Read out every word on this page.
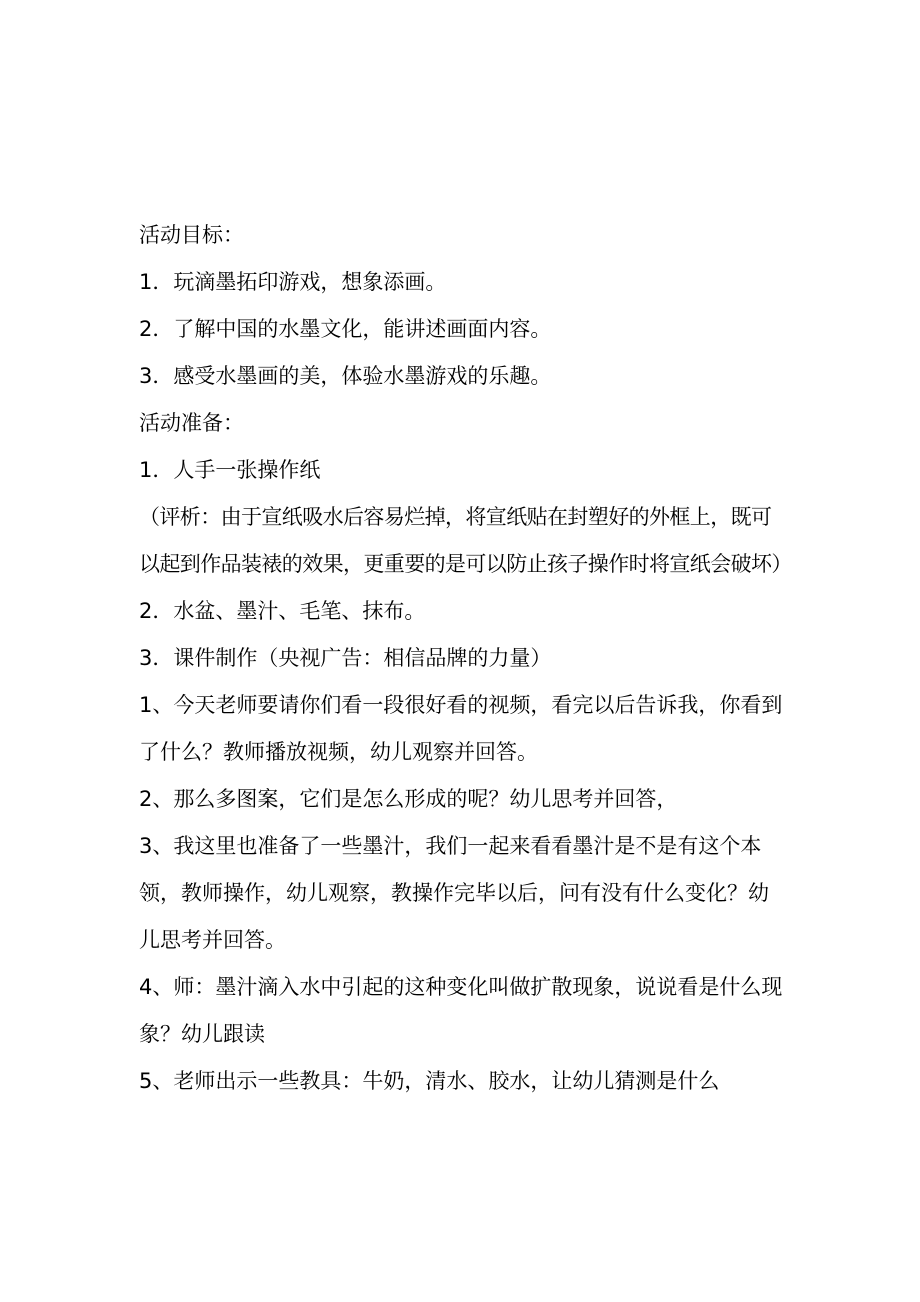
活动目标：

1．玩滴墨拓印游戏，想象添画。

2．了解中国的水墨文化，能讲述画面内容。

3．感受水墨画的美，体验水墨游戏的乐趣。

活动准备：

1．人手一张操作纸

（评析：由于宣纸吸水后容易烂掉，将宣纸贴在封塑好的外框上，既可以起到作品装裱的效果，更重要的是可以防止孩子操作时将宣纸会破坏）

2．水盆、墨汁、毛笔、抹布。

3．课件制作（央视广告：相信品牌的力量）

1、今天老师要请你们看一段很好看的视频，看完以后告诉我，你看到了什么？教师播放视频，幼儿观察并回答。

2、那么多图案，它们是怎么形成的呢？幼儿思考并回答，

3、我这里也准备了一些墨汁，我们一起来看看墨汁是不是有这个本领，教师操作，幼儿观察，教操作完毕以后，问有没有什么变化？幼儿思考并回答。

4、师：墨汁滴入水中引起的这种变化叫做扩散现象，说说看是什么现象？幼儿跟读

5、老师出示一些教具：牛奶，清水、胶水，让幼儿猜测是什么
